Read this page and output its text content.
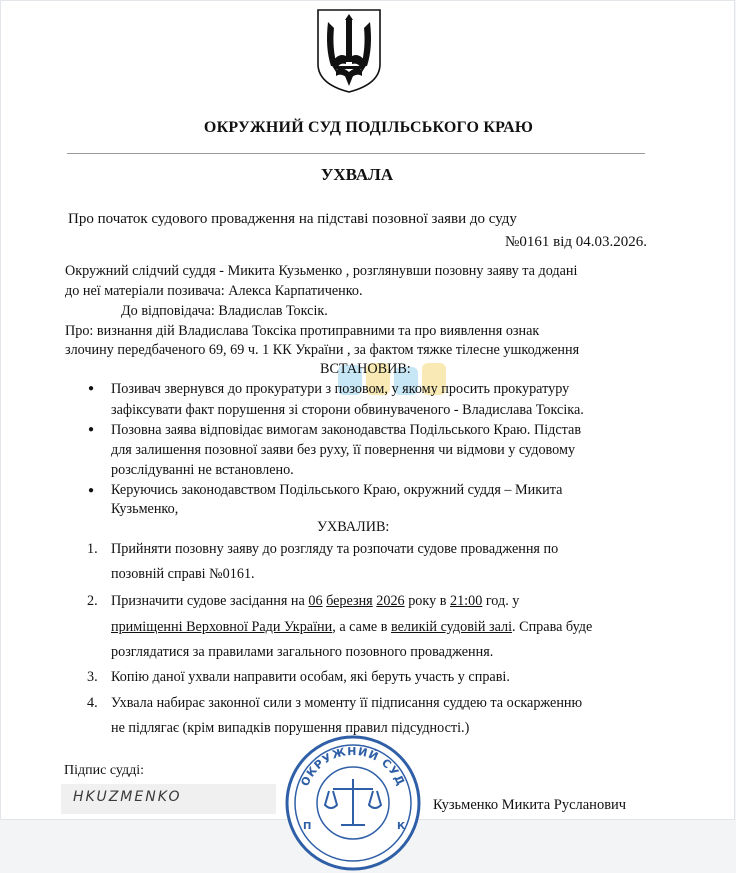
ОКРУЖНИЙ СУД ПОДІЛЬСЬКОГО КРАЮ
УХВАЛА
Про початок судового провадження на підставі позовної заяви до суду
№0161 від 04.03.2026.
Окружний слідчий суддя - Микита Кузьменко , розглянувши позовну заяву та додані
до неї матеріали позивача: Алекса Карпатиченко.
До відповідача: Владислав Токсік.
Про: визнання дій Владислава Токсіка протиправними та про виявлення ознак
злочину передбаченого 69, 69 ч. 1 КК України , за фактом тяжке тілесне ушкодження
ВСТАНОВИВ:
● Позивач звернувся до прокуратури з позовом, у якому просить прокуратуру
зафіксувати факт порушення зі сторони обвинуваченого - Владислава Токсіка.
● Позовна заява відповідає вимогам законодавства Подільського Краю. Підстав
для залишення позовної заяви без руху, її повернення чи відмови у судовому
розслідуванні не встановлено.
● Керуючись законодавством Подільського Краю, окружний суддя – Микита
Кузьменко,
УХВАЛИВ:
1. Прийняти позовну заяву до розгляду та розпочати судове провадження по
позовній справі №0161.
2. Призначити судове засідання на 06 березня 2026 року в 21:00 год. у
приміщенні Верховної Ради України, а саме в великій судовій залі. Справа буде
розглядатися за правилами загального позовного провадження.
3. Копію даної ухвали направити особам, які беруть участь у справі.
4. Ухвала набирає законної сили з моменту її підписання суддею та оскарженню
не підлягає (крім випадків порушення правил підсудності.)
Підпис судді:
HKUZMENKO
ОКРУЖНИЙ СУД
П	К
Кузьменко Микита Русланович
